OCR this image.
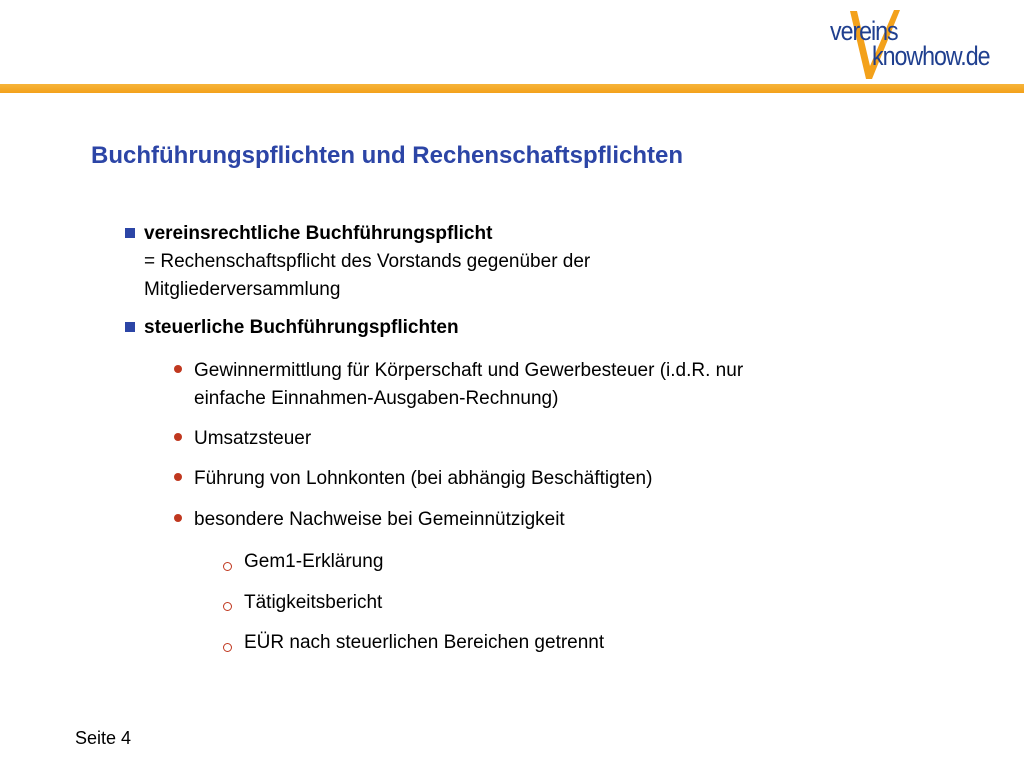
vereins
knowhow.de
Buchführungspflichten und Rechenschaftspflichten
vereinsrechtliche Buchführungspflicht
= Rechenschaftspflicht des Vorstands gegenüber der
Mitgliederversammlung
steuerliche Buchführungspflichten
Gewinnermittlung für Körperschaft und Gewerbesteuer (i.d.R. nur
einfache Einnahmen-Ausgaben-Rechnung)
Umsatzsteuer
Führung von Lohnkonten (bei abhängig Beschäftigten)
besondere Nachweise bei Gemeinnützigkeit
Gem1-Erklärung
Tätigkeitsbericht
EÜR nach steuerlichen Bereichen getrennt
Seite 4
